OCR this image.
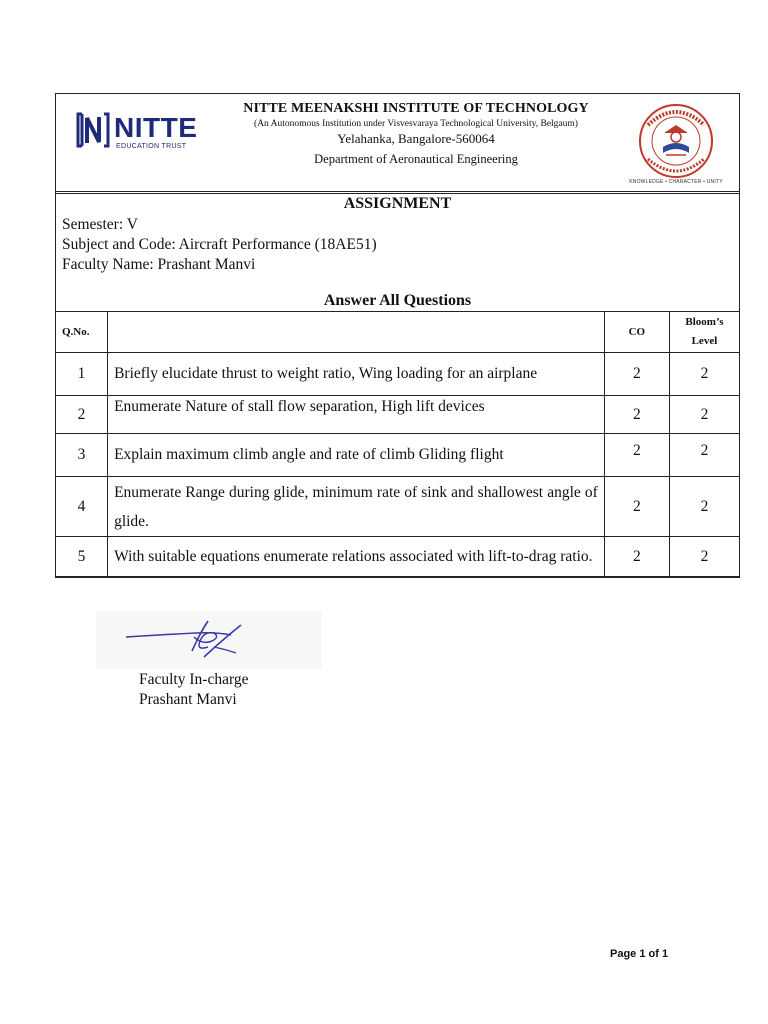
NITTE
EDUCATION TRUST
NITTE MEENAKSHI INSTITUTE OF TECHNOLOGY
(An Autonomous Institution under Visvesvaraya Technological University, Belgaum)
Yelahanka, Bangalore-560064
Department of Aeronautical Engineering
KNOWLEDGE • CHARACTER • UNITY
ASSIGNMENT
Semester: V
Subject and Code: Aircraft Performance (18AE51)
Faculty Name: Prashant Manvi
Answer All Questions
Q.No.		CO	Bloom’s
Level

1	Briefly elucidate thrust to weight ratio, Wing loading for an airplane	2	2
2	Enumerate Nature of stall flow separation, High lift devices	2	2
3	Explain maximum climb angle and rate of climb Gliding flight	2	2
4	Enumerate Range during glide, minimum rate of sink and shallowest angle of glide.	2	2
5	With suitable equations enumerate relations associated with lift-to-drag ratio.	2	2
Faculty In-charge
Prashant Manvi
Page 1 of 1
